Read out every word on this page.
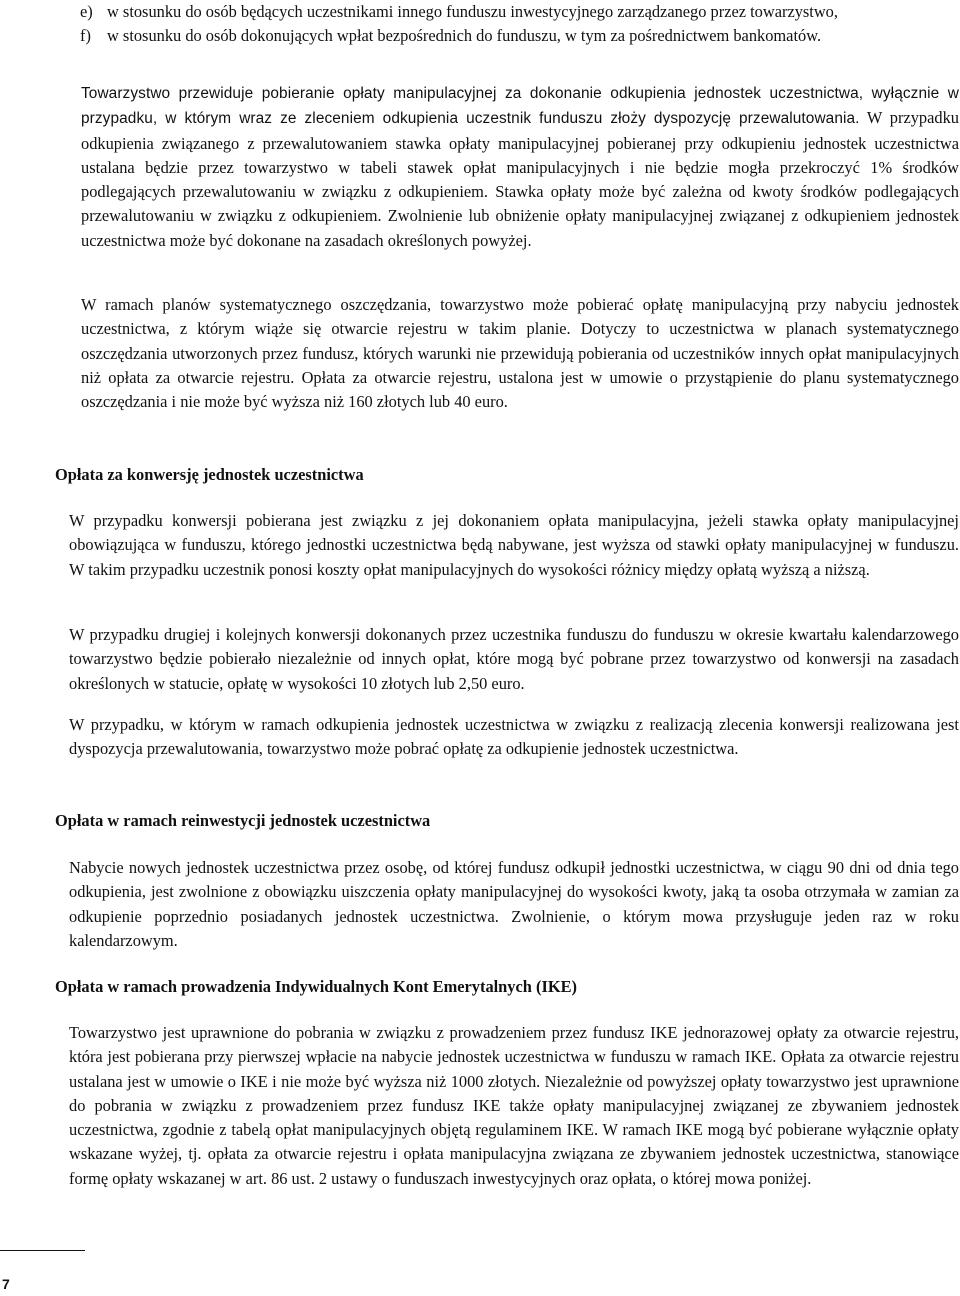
e) w stosunku do osób będących uczestnikami innego funduszu inwestycyjnego zarządzanego przez towarzystwo,
f) w stosunku do osób dokonujących wpłat bezpośrednich do funduszu, w tym za pośrednictwem bankomatów.

Towarzystwo przewiduje pobieranie opłaty manipulacyjnej za dokonanie odkupienia jednostek uczestnictwa, wyłącznie w przypadku, w którym wraz ze zleceniem odkupienia uczestnik funduszu złoży dyspozycję przewalutowania. W przypadku odkupienia związanego z przewalutowaniem stawka opłaty manipulacyjnej pobieranej przy odkupieniu jednostek uczestnictwa ustalana będzie przez towarzystwo w tabeli stawek opłat manipulacyjnych i nie będzie mogła przekroczyć 1% środków podlegających przewalutowaniu w związku z odkupieniem. Stawka opłaty może być zależna od kwoty środków podlegających przewalutowaniu w związku z odkupieniem. Zwolnienie lub obniżenie opłaty manipulacyjnej związanej z odkupieniem jednostek uczestnictwa może być dokonane na zasadach określonych powyżej.

W ramach planów systematycznego oszczędzania, towarzystwo może pobierać opłatę manipulacyjną przy nabyciu jednostek uczestnictwa, z którym wiąże się otwarcie rejestru w takim planie. Dotyczy to uczestnictwa w planach systematycznego oszczędzania utworzonych przez fundusz, których warunki nie przewidują pobierania od uczestników innych opłat manipulacyjnych niż opłata za otwarcie rejestru. Opłata za otwarcie rejestru, ustalona jest w umowie o przystąpienie do planu systematycznego oszczędzania i nie może być wyższa niż 160 złotych lub 40 euro.

Opłata za konwersję jednostek uczestnictwa

W przypadku konwersji pobierana jest związku z jej dokonaniem opłata manipulacyjna, jeżeli stawka opłaty manipulacyjnej obowiązująca w funduszu, którego jednostki uczestnictwa będą nabywane, jest wyższa od stawki opłaty manipulacyjnej w funduszu. W takim przypadku uczestnik ponosi koszty opłat manipulacyjnych do wysokości różnicy między opłatą wyższą a niższą.

W przypadku drugiej i kolejnych konwersji dokonanych przez uczestnika funduszu do funduszu w okresie kwartału kalendarzowego towarzystwo będzie pobierało niezależnie od innych opłat, które mogą być pobrane przez towarzystwo od konwersji na zasadach określonych w statucie, opłatę w wysokości 10 złotych lub 2,50 euro.

W przypadku, w którym w ramach odkupienia jednostek uczestnictwa w związku z realizacją zlecenia konwersji realizowana jest dyspozycja przewalutowania, towarzystwo może pobrać opłatę za odkupienie jednostek uczestnictwa.

Opłata w ramach reinwestycji jednostek uczestnictwa

Nabycie nowych jednostek uczestnictwa przez osobę, od której fundusz odkupił jednostki uczestnictwa, w ciągu 90 dni od dnia tego odkupienia, jest zwolnione z obowiązku uiszczenia opłaty manipulacyjnej do wysokości kwoty, jaką ta osoba otrzymała w zamian za odkupienie poprzednio posiadanych jednostek uczestnictwa. Zwolnienie, o którym mowa przysługuje jeden raz w roku kalendarzowym.

Opłata w ramach prowadzenia Indywidualnych Kont Emerytalnych (IKE)

Towarzystwo jest uprawnione do pobrania w związku z prowadzeniem przez fundusz IKE jednorazowej opłaty za otwarcie rejestru, która jest pobierana przy pierwszej wpłacie na nabycie jednostek uczestnictwa w funduszu w ramach IKE. Opłata za otwarcie rejestru ustalana jest w umowie o IKE i nie może być wyższa niż 1000 złotych. Niezależnie od powyższej opłaty towarzystwo jest uprawnione do pobrania w związku z prowadzeniem przez fundusz IKE także opłaty manipulacyjnej związanej ze zbywaniem jednostek uczestnictwa, zgodnie z tabelą opłat manipulacyjnych objętą regulaminem IKE. W ramach IKE mogą być pobierane wyłącznie opłaty wskazane wyżej, tj. opłata za otwarcie rejestru i opłata manipulacyjna związana ze zbywaniem jednostek uczestnictwa, stanowiące formę opłaty wskazanej w art. 86 ust. 2 ustawy o funduszach inwestycyjnych oraz opłata, o której mowa poniżej.

7
